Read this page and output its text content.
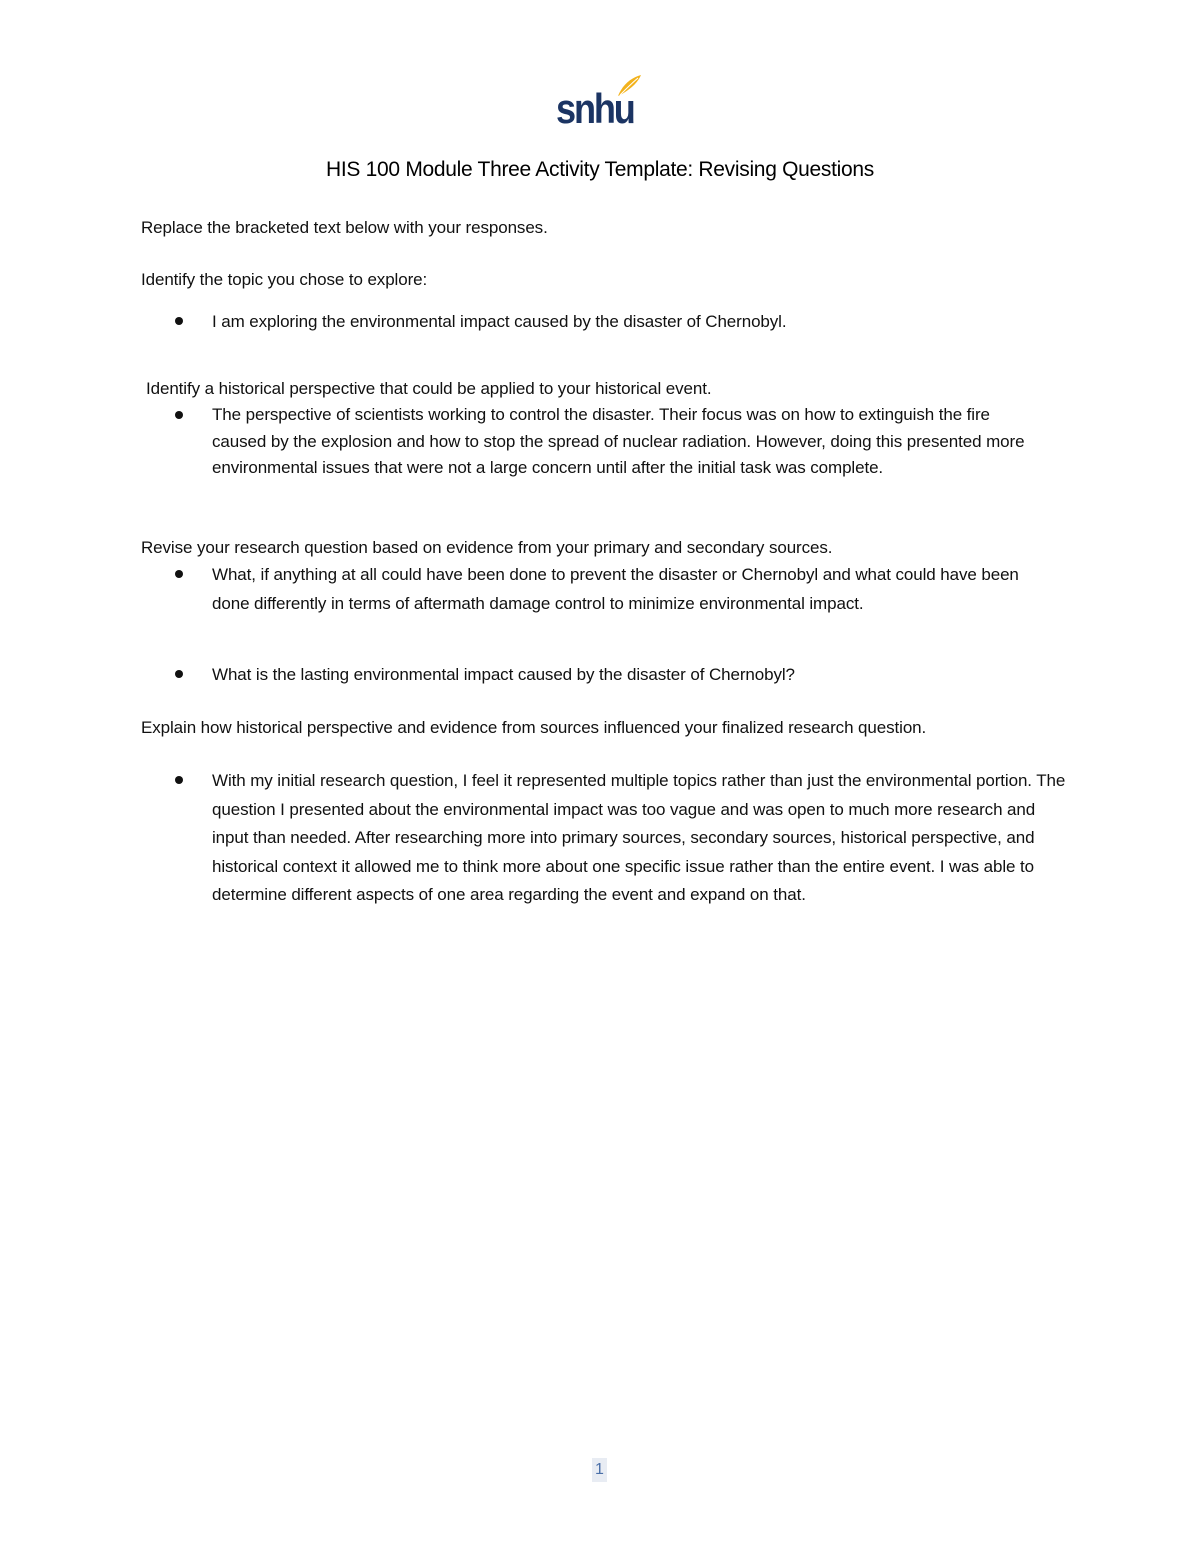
snhu
HIS 100 Module Three Activity Template: Revising Questions

Replace the bracketed text below with your responses.

Identify the topic you chose to explore:

I am exploring the environmental impact caused by the disaster of Chernobyl.

Identify a historical perspective that could be applied to your historical event.

The perspective of scientists working to control the disaster. Their focus was on how to extinguish the fire caused by the explosion and how to stop the spread of nuclear radiation. However, doing this presented more environmental issues that were not a large concern until after the initial task was complete.

Revise your research question based on evidence from your primary and secondary sources.

What, if anything at all could have been done to prevent the disaster or Chernobyl and what could have been done differently in terms of aftermath damage control to minimize environmental impact.

What is the lasting environmental impact caused by the disaster of Chernobyl?

Explain how historical perspective and evidence from sources influenced your finalized research question.

With my initial research question, I feel it represented multiple topics rather than just the environmental portion. The question I presented about the environmental impact was too vague and was open to much more research and input than needed. After researching more into primary sources, secondary sources, historical perspective, and historical context it allowed me to think more about one specific issue rather than the entire event. I was able to determine different aspects of one area regarding the event and expand on that.

1
